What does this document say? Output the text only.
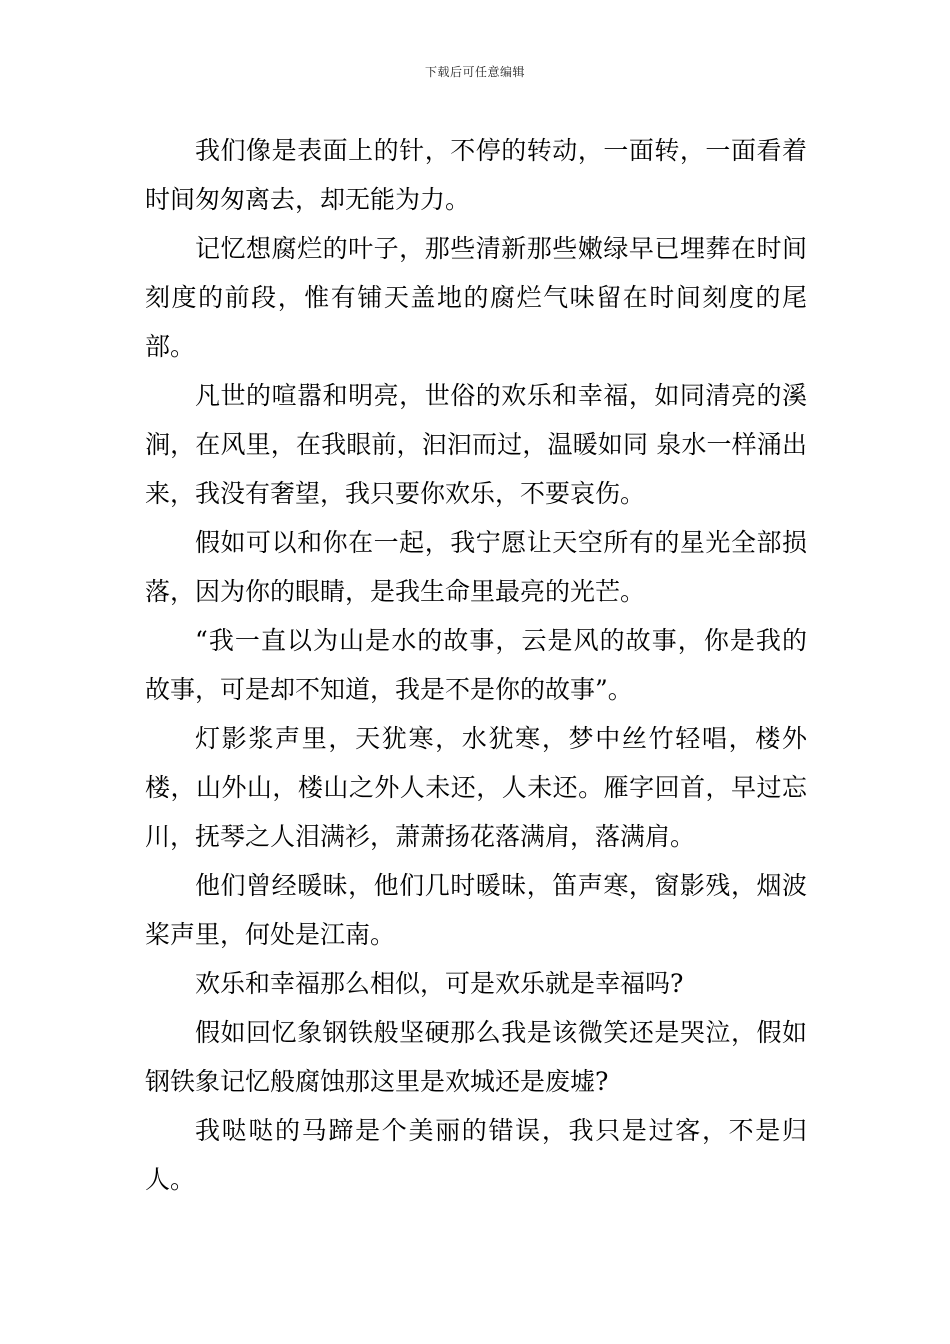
下载后可任意编辑

我们像是表面上的针，不停的转动，一面转，一面看着时间匆匆离去，却无能为力。

记忆想腐烂的叶子，那些清新那些嫩绿早已埋葬在时间刻度的前段，惟有铺天盖地的腐烂气味留在时间刻度的尾部。

凡世的喧嚣和明亮，世俗的欢乐和幸福，如同清亮的溪涧，在风里，在我眼前，汩汩而过，温暖如同 泉水一样涌出来，我没有奢望，我只要你欢乐，不要哀伤。

假如可以和你在一起，我宁愿让天空所有的星光全部损落，因为你的眼睛，是我生命里最亮的光芒。

“我一直以为山是水的故事，云是风的故事，你是我的故事，可是却不知道，我是不是你的故事”。

灯影浆声里，天犹寒，水犹寒，梦中丝竹轻唱，楼外楼，山外山，楼山之外人未还，人未还。雁字回首，早过忘川，抚琴之人泪满衫，萧萧扬花落满肩，落满肩。

他们曾经暖昧，他们几时暖昧，笛声寒，窗影残，烟波桨声里，何处是江南。

欢乐和幸福那么相似，可是欢乐就是幸福吗?

假如回忆象钢铁般坚硬那么我是该微笑还是哭泣，假如钢铁象记忆般腐蚀那这里是欢城还是废墟?

我哒哒的马蹄是个美丽的错误，我只是过客，不是归人。
